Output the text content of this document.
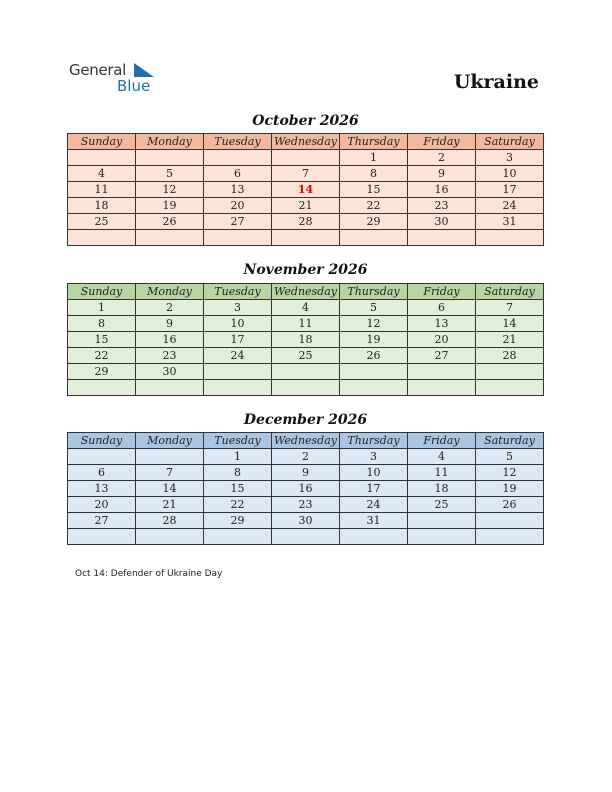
General
Blue	Ukraine
October 2026
Sunday	Monday	Tuesday	Wednesday	Thursday	Friday	Saturday
				1	2	3
4	5	6	7	8	9	10
11	12	13	14	15	16	17
18	19	20	21	22	23	24
25	26	27	28	29	30	31

November 2026
Sunday	Monday	Tuesday	Wednesday	Thursday	Friday	Saturday
1	2	3	4	5	6	7
8	9	10	11	12	13	14
15	16	17	18	19	20	21
22	23	24	25	26	27	28
29	30					

December 2026
Sunday	Monday	Tuesday	Wednesday	Thursday	Friday	Saturday
		1	2	3	4	5
6	7	8	9	10	11	12
13	14	15	16	17	18	19
20	21	22	23	24	25	26
27	28	29	30	31		

Oct 14: Defender of Ukraine Day
